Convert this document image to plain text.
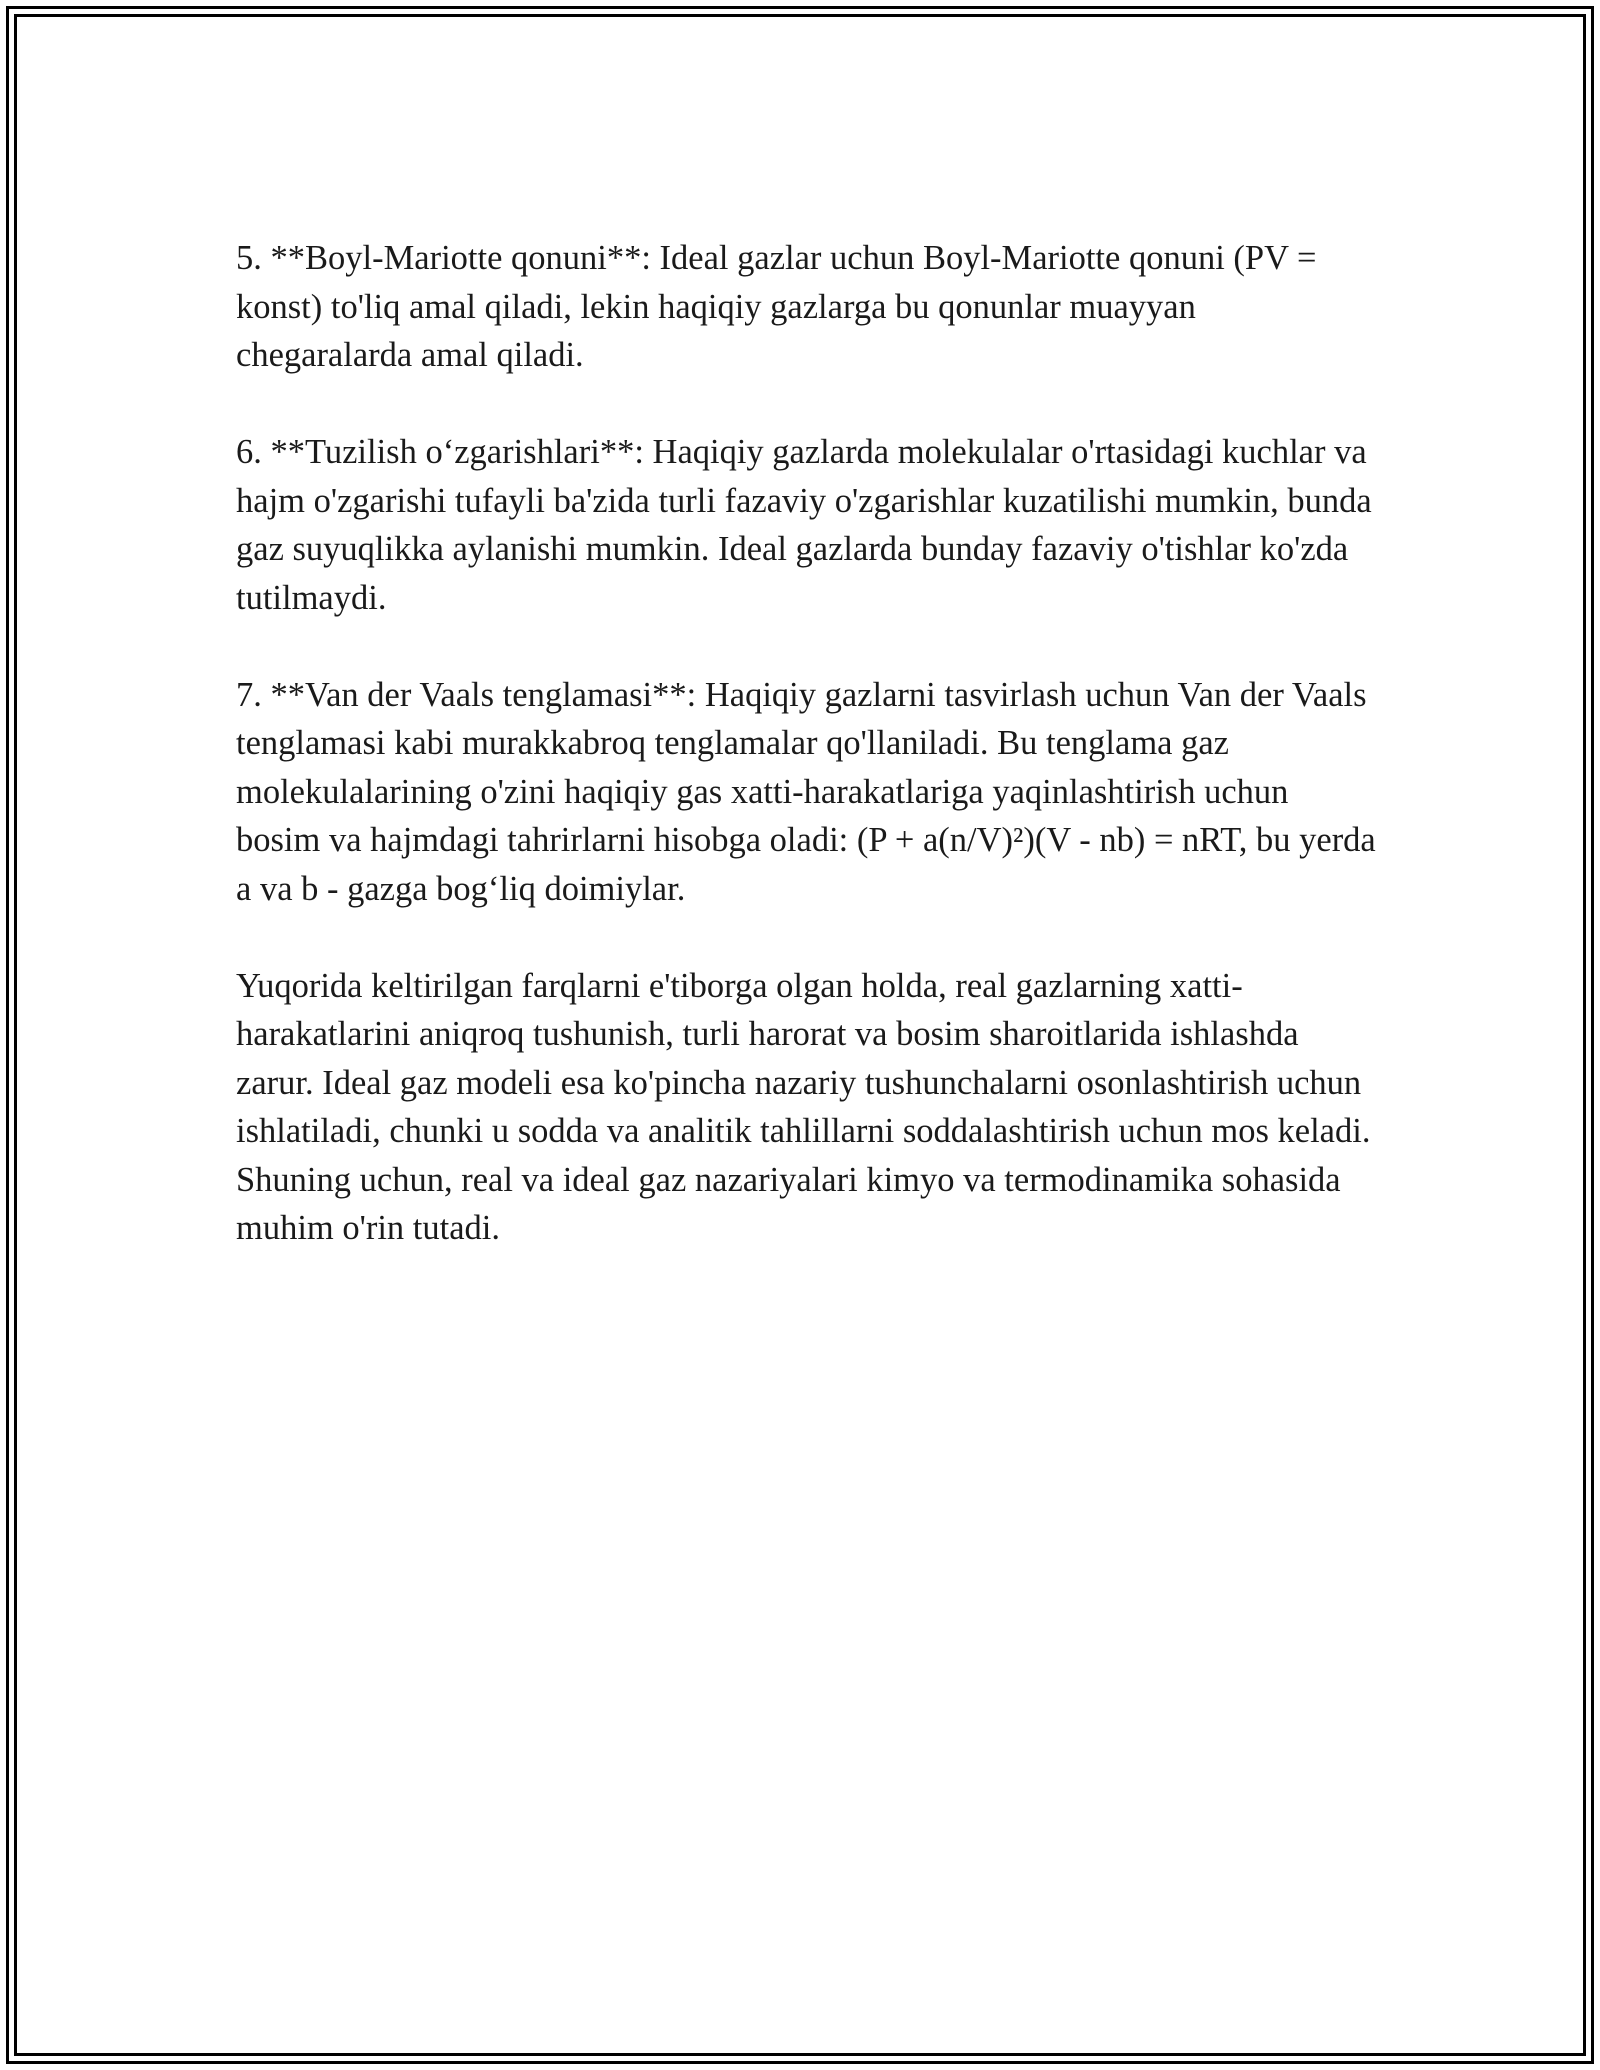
5. **Boyl-Mariotte qonuni**: Ideal gazlar uchun Boyl-Mariotte qonuni (PV = konst) to'liq amal qiladi, lekin haqiqiy gazlarga bu qonunlar muayyan chegaralarda amal qiladi.

6. **Tuzilish o‘zgarishlari**: Haqiqiy gazlarda molekulalar o'rtasidagi kuchlar va hajm o'zgarishi tufayli ba'zida turli fazaviy o'zgarishlar kuzatilishi mumkin, bunda gaz suyuqlikka aylanishi mumkin. Ideal gazlarda bunday fazaviy o'tishlar ko'zda tutilmaydi.

7. **Van der Vaals tenglamasi**: Haqiqiy gazlarni tasvirlash uchun Van der Vaals tenglamasi kabi murakkabroq tenglamalar qo'llaniladi. Bu tenglama gaz molekulalarining o'zini haqiqiy gas xatti-harakatlariga yaqinlashtirish uchun bosim va hajmdagi tahrirlarni hisobga oladi: (P + a(n/V)²)(V - nb) = nRT, bu yerda a va b - gazga bog‘liq doimiylar.

Yuqorida keltirilgan farqlarni e'tiborga olgan holda, real gazlarning xatti-harakatlarini aniqroq tushunish, turli harorat va bosim sharoitlarida ishlashda zarur. Ideal gaz modeli esa ko'pincha nazariy tushunchalarni osonlashtirish uchun ishlatiladi, chunki u sodda va analitik tahlillarni soddalashtirish uchun mos keladi. Shuning uchun, real va ideal gaz nazariyalari kimyo va termodinamika sohasida muhim o'rin tutadi.
